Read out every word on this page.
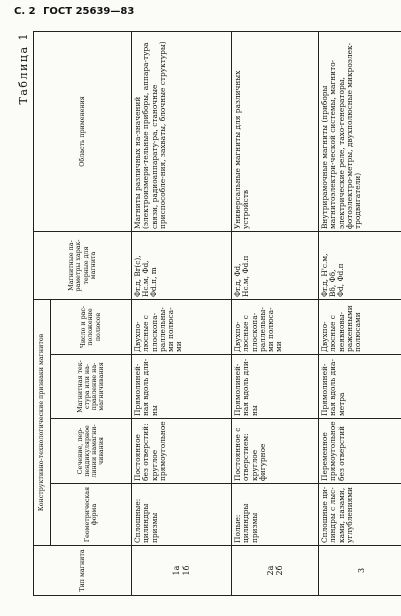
С. 2 ГОСТ 25639—83
Таблица 1
Тип магнита	Конструктивно-технологические признаки магнитов				Магнитные па-раметры харак-терные для магнита	Область применения
	Геометрическая форма	Сечение, пер-пендикулярное линии намагни-чивания	Магнитная тек-стура или на-правление на-магничивания	Число и рас-положение полюсов		

1а 1б	Сплошные: цилиндры призмы	Постоянное без отверстий: круглое прямоугольное	Прямолиней-ная вдоль дли-ны	Двухпо-люсные с плоскопа-раллельны-ми полюса-ми	Φr.д, Br(с), Hс.м, Φd, Φd.п, m	Магниты различных на-значений (электроизмери-тельные приборы, аппара-тура связи, радиоаппарату-ра, станочные приспособле-ния, захваты, блочные структуры)

2а 2б	Полые: цилиндры призмы	Постоянное с отверстием: круглое фигурное	Прямолиней-ная вдоль дли-ны	Двухпо-люсные с плоскопа-раллельны-ми полюса-ми	Φr.д, Φd, Hс.м, Φd.п	Универсальные магниты для различных устройств

3	Сплошные ци-линдры с лыс-ками, пазами, углублениями	Переменное прямоугольное без отверстий	Прямолиней-ная вдоль диа-метра	Двухпо-люсные с неявновы-раженными полюсами	Φr.д, H'с.м, Bδ, Φδ, Φd, Φd.п	Внутрирамочные магниты (приборы магнитоэлектри-ческой системы, магнито-электрические реле, тахо-генераторы, фотоэлектро-метры, двухполюсные микроэлек-тродвигатели)
